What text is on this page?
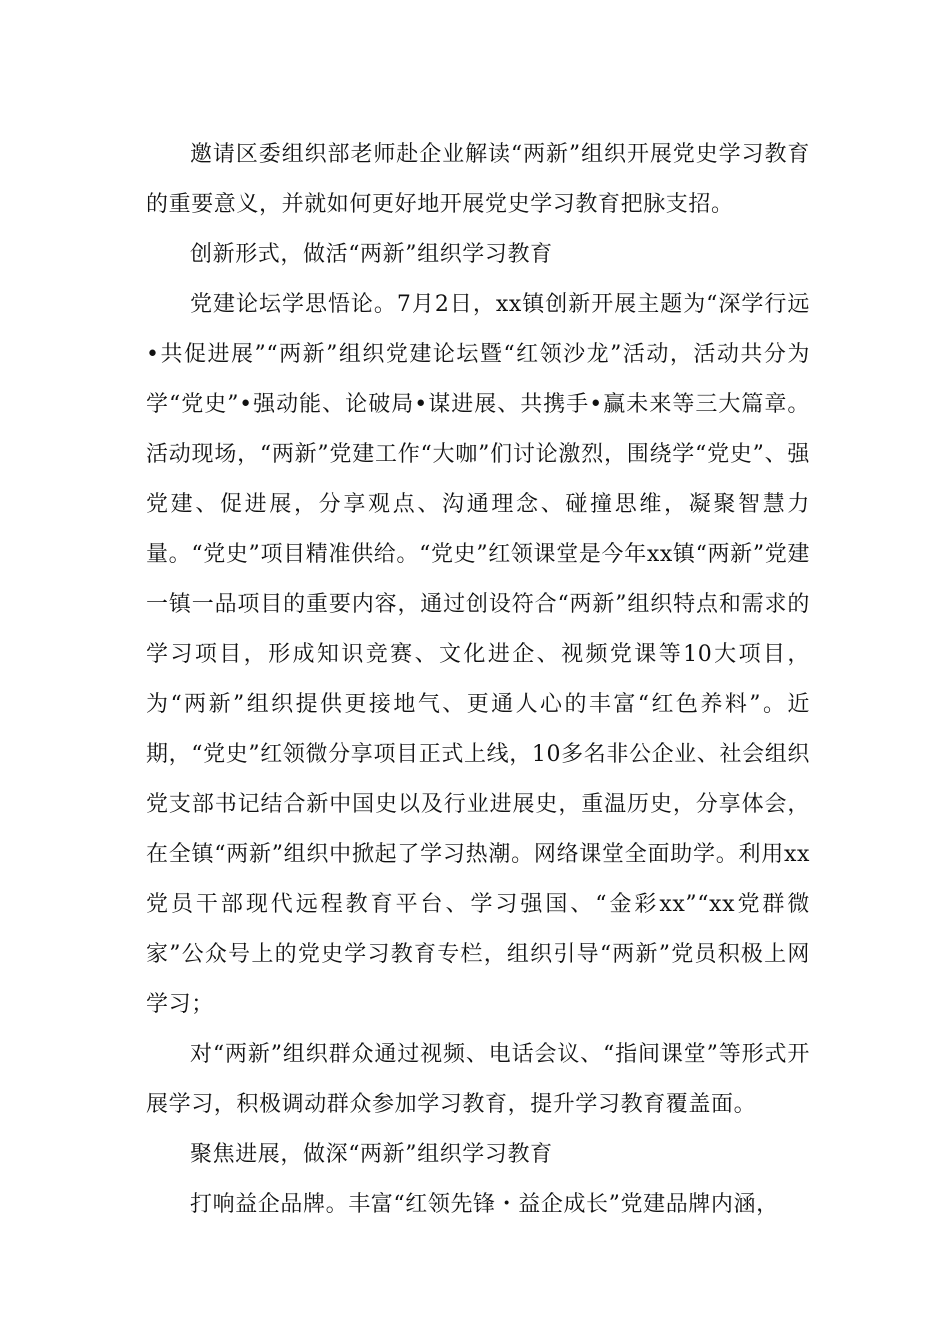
邀请区委组织部老师赴企业解读“两新”组织开展党史学习教育的重要意义，并就如何更好地开展党史学习教育把脉支招。

创新形式，做活“两新”组织学习教育

党建论坛学思悟论。7月2日，xx镇创新开展主题为“深学行远•共促进展”“两新”组织党建论坛暨“红领沙龙”活动，活动共分为学“党史”•强动能、论破局•谋进展、共携手•赢未来等三大篇章。活动现场，“两新”党建工作“大咖”们讨论激烈，围绕学“党史”、强党建、促进展，分享观点、沟通理念、碰撞思维，凝聚智慧力量。“党史”项目精准供给。“党史”红领课堂是今年xx镇“两新”党建一镇一品项目的重要内容，通过创设符合“两新”组织特点和需求的学习项目，形成知识竞赛、文化进企、视频党课等10大项目，为“两新”组织提供更接地气、更通人心的丰富“红色养料”。近期，“党史”红领微分享项目正式上线，10多名非公企业、社会组织党支部书记结合新中国史以及行业进展史，重温历史，分享体会，在全镇“两新”组织中掀起了学习热潮。网络课堂全面助学。利用xx党员干部现代远程教育平台、学习强国、“金彩xx”“xx党群微家”公众号上的党史学习教育专栏，组织引导“两新”党员积极上网学习；

对“两新”组织群众通过视频、电话会议、“指间课堂”等形式开展学习，积极调动群众参加学习教育，提升学习教育覆盖面。

聚焦进展，做深“两新”组织学习教育

打响益企品牌。丰富“红领先锋・益企成长”党建品牌内涵，
